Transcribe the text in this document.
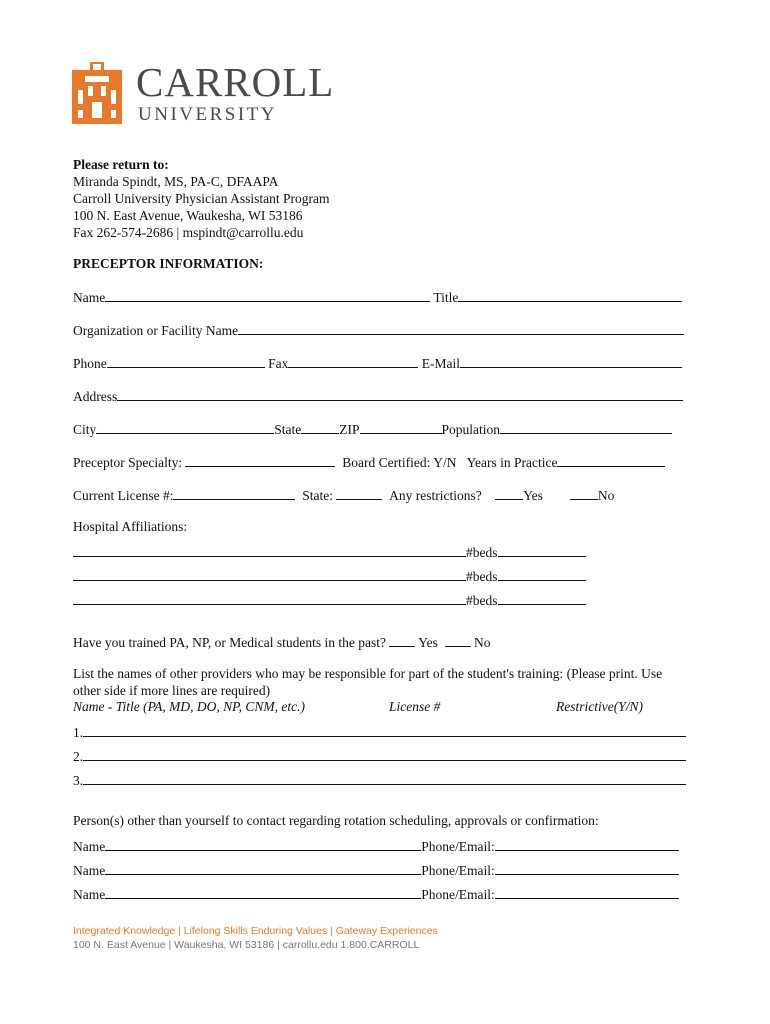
CARROLL
UNIVERSITY
Please return to:
Miranda Spindt, MS, PA-C, DFAAPA
Carroll University Physician Assistant Program
100 N. East Avenue, Waukesha, WI 53186
Fax 262-574-2686 | mspindt@carrollu.edu
PRECEPTOR INFORMATION:
Name	Title
Organization or Facility Name
Phone	Fax	E-Mail
Address
City	State	ZIP	Population
Preceptor Specialty:	Board Certified: Y/N Years in Practice
Current License #:	State:	Any restrictions?	Yes	No
Hospital Affiliations:
#beds
#beds
#beds
Have you trained PA, NP, or Medical students in the past? Yes	No
List the names of other providers who may be responsible for part of the student's training: (Please print. Use
other side if more lines are required)
Name - Title (PA, MD, DO, NP, CNM, etc.)	License #	Restrictive(Y/N)
1.
2.
3.
Person(s) other than yourself to contact regarding rotation scheduling, approvals or confirmation:
Name	Phone/Email:
Name	Phone/Email:
Name	Phone/Email:
Integrated Knowledge | Lifelong Skills Enduring Values | Gateway Experiences
100 N. East Avenue | Waukesha, WI 53186 | carrollu.edu 1.800.CARROLL
